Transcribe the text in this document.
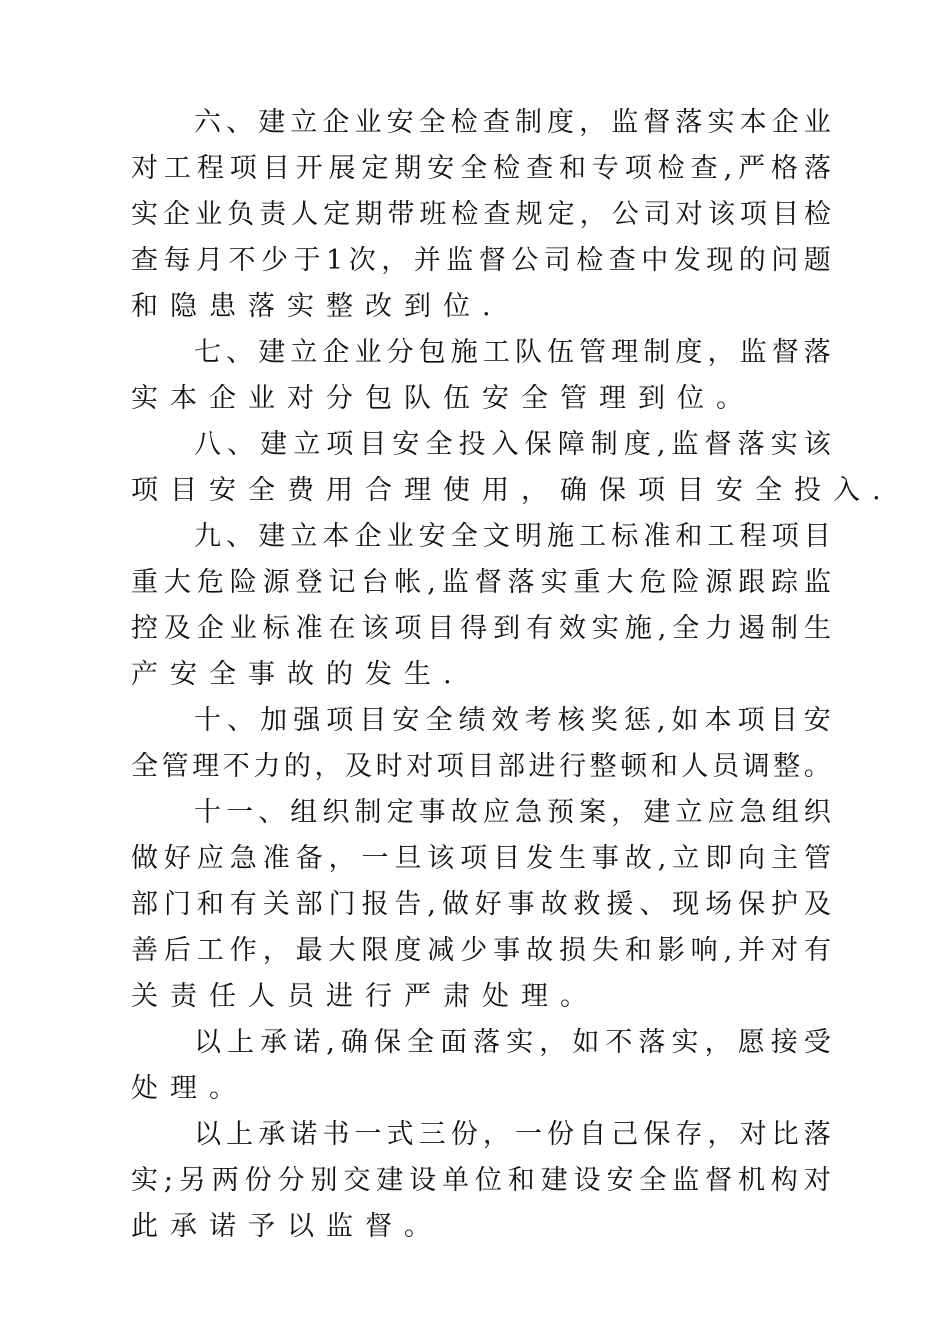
六 、 建 立 企 业 安 全 检 查 制 度 ， 监 督 落 实 本 企 业
对 工 程 项 目 开 展 定 期 安 全 检 查 和 专 项 检 查 , 严 格 落
实 企 业 负 责 人 定 期 带 班 检 查 规 定 ， 公 司 对 该 项 目 检
查 每 月 不 少 于 1 次 ， 并 监 督 公 司 检 查 中 发 现 的 问 题
和 隐 患 落 实 整 改 到 位 .
七 、 建 立 企 业 分 包 施 工 队 伍 管 理 制 度 ， 监 督 落
实 本 企 业 对 分 包 队 伍 安 全 管 理 到 位 。
八 、 建 立 项 目 安 全 投 入 保 障 制 度 , 监 督 落 实 该
项 目 安 全 费 用 合 理 使 用 ， 确 保 项 目 安 全 投 入 .
九 、 建 立 本 企 业 安 全 文 明 施 工 标 准 和 工 程 项 目
重 大 危 险 源 登 记 台 帐 , 监 督 落 实 重 大 危 险 源 跟 踪 监
控 及 企 业 标 准 在 该 项 目 得 到 有 效 实 施 , 全 力 遏 制 生
产 安 全 事 故 的 发 生 .
十 、 加 强 项 目 安 全 绩 效 考 核 奖 惩 , 如 本 项 目 安
全 管 理 不 力 的 ， 及 时 对 项 目 部 进 行 整 顿 和 人 员 调 整 。
十 一 、 组 织 制 定 事 故 应 急 预 案 ， 建 立 应 急 组 织
做 好 应 急 准 备 ， 一 旦 该 项 目 发 生 事 故 , 立 即 向 主 管
部 门 和 有 关 部 门 报 告 , 做 好 事 故 救 援 、 现 场 保 护 及
善 后 工 作 ， 最 大 限 度 减 少 事 故 损 失 和 影 响 , 并 对 有
关 责 任 人 员 进 行 严 肃 处 理 。
以 上 承 诺 , 确 保 全 面 落 实 ， 如 不 落 实 ， 愿 接 受
处 理 。
以 上 承 诺 书 一 式 三 份 ， 一 份 自 己 保 存 ， 对 比 落
实 ; 另 两 份 分 别 交 建 设 单 位 和 建 设 安 全 监 督 机 构 对
此 承 诺 予 以 监 督 。
